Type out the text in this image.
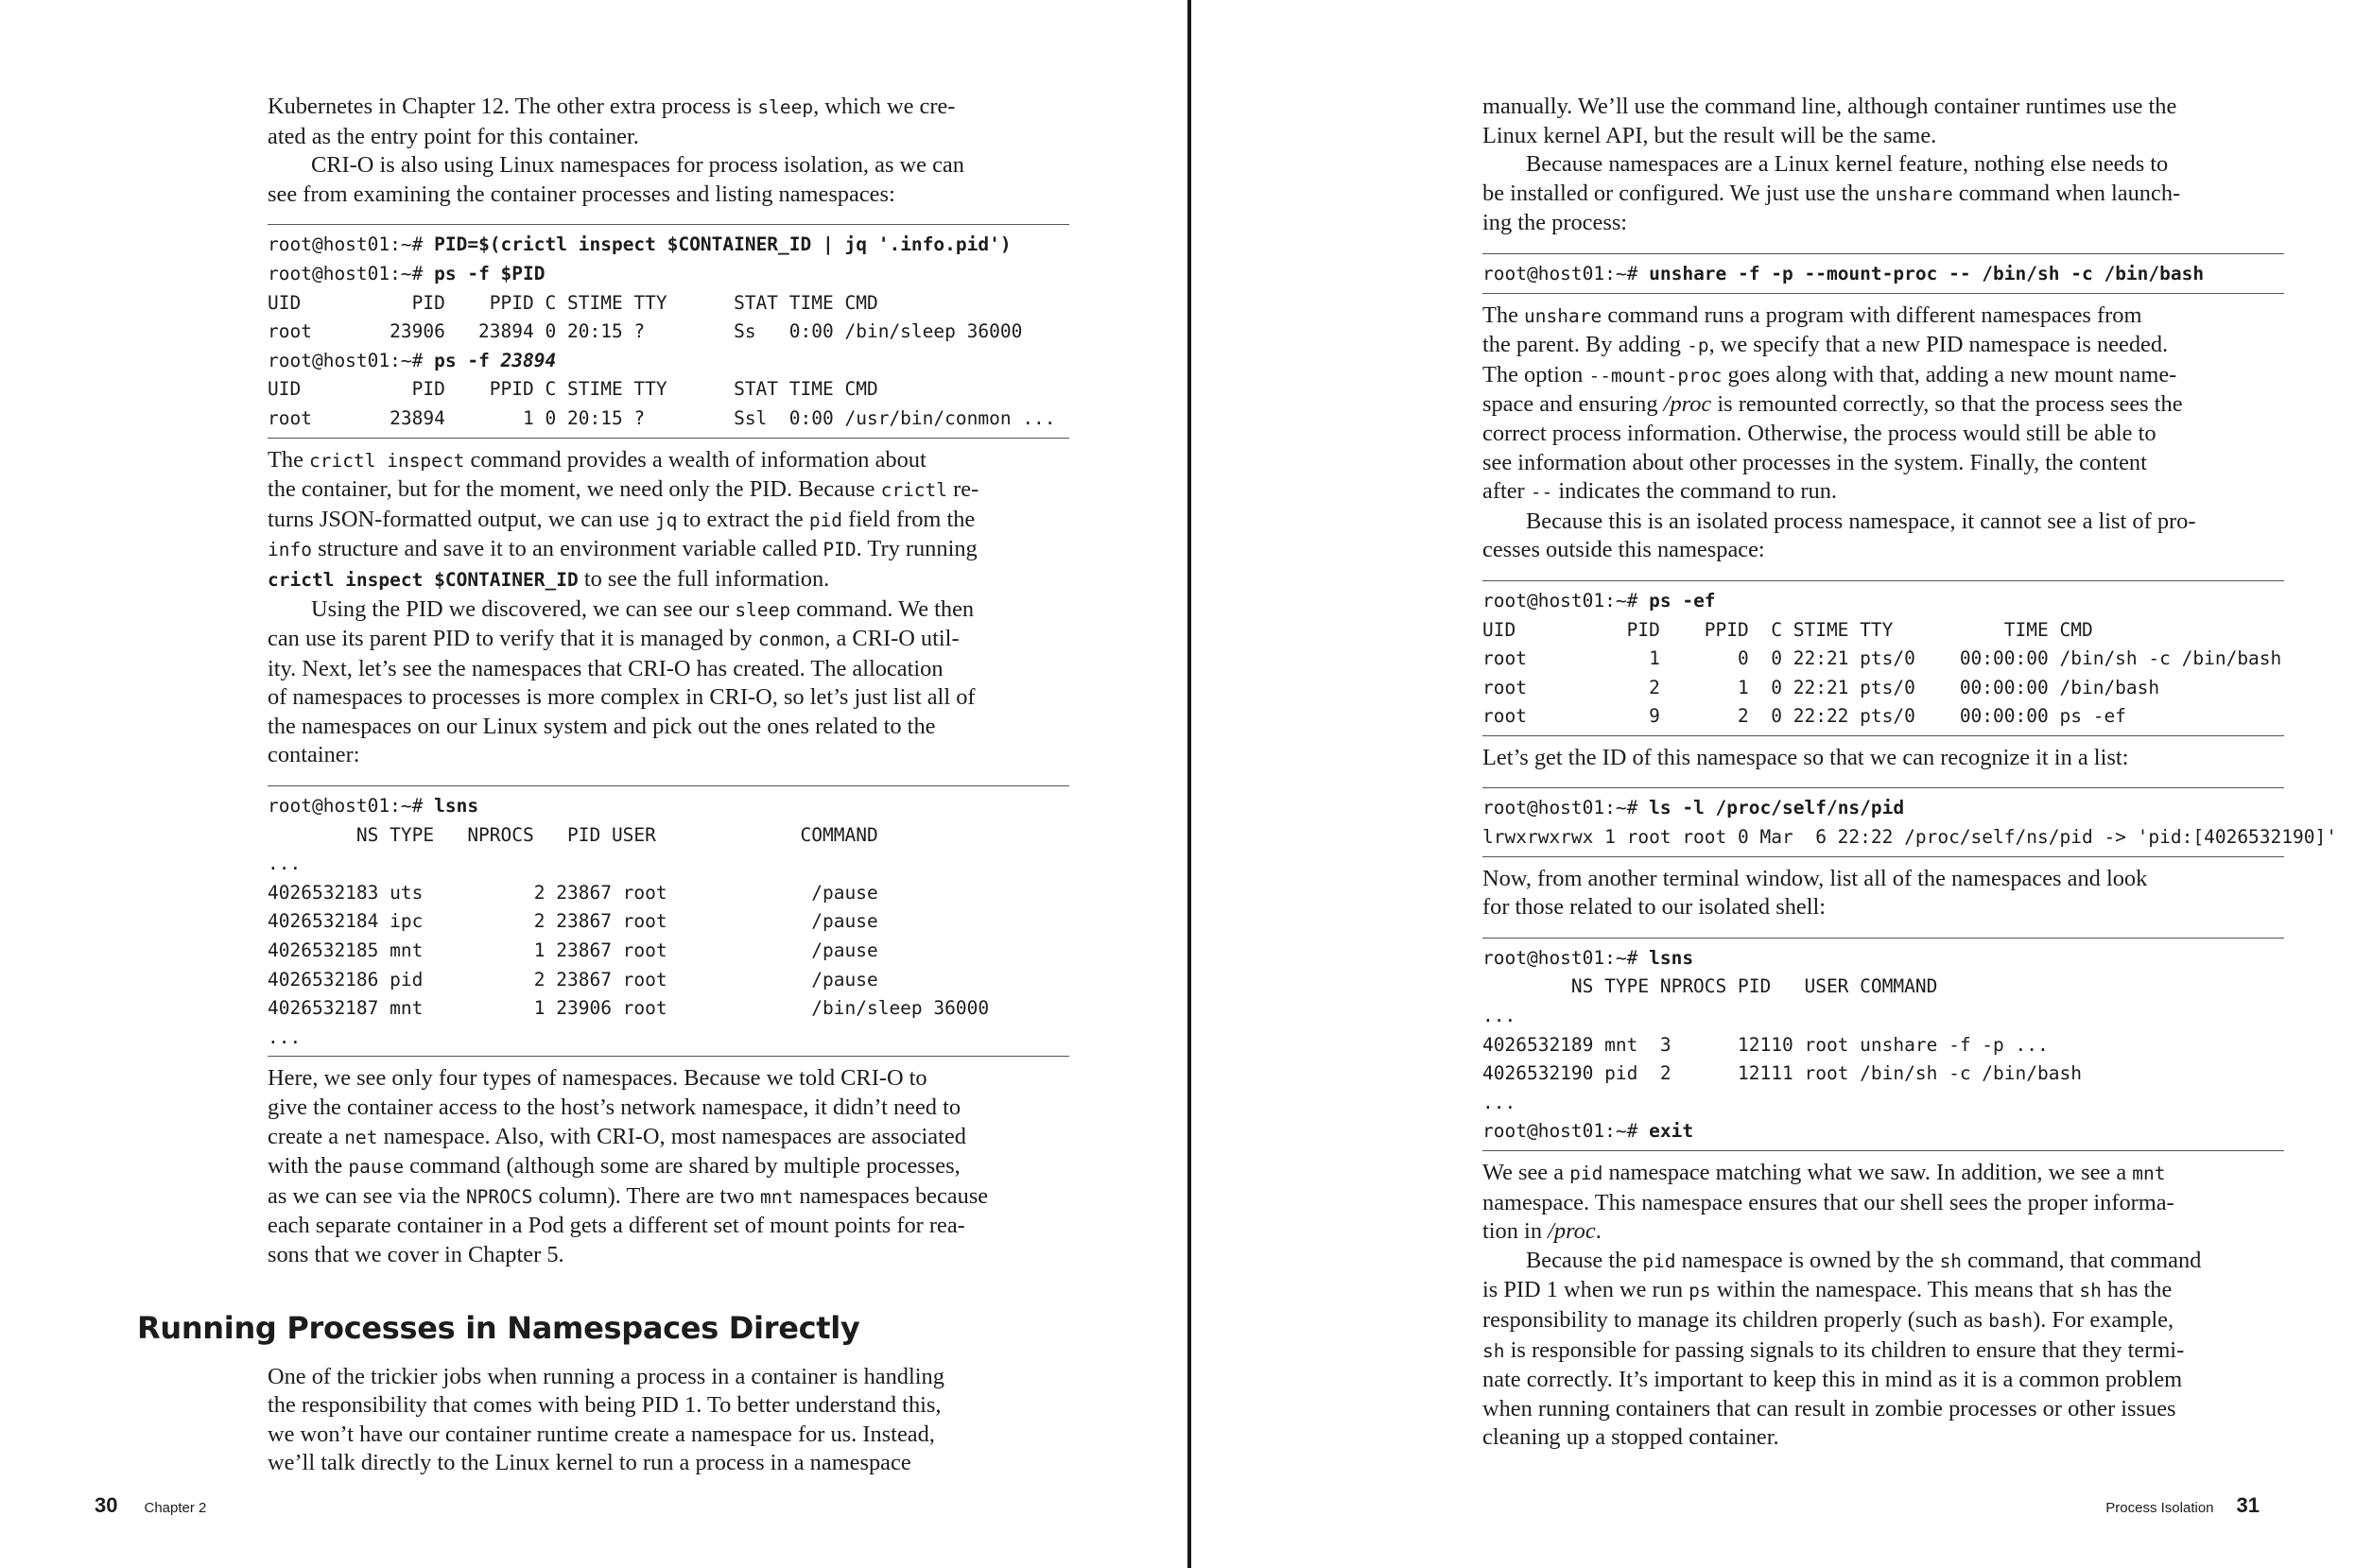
Kubernetes in Chapter 12. The other extra process is sleep, which we cre-
ated as the entry point for this container.

CRI-O is also using Linux namespaces for process isolation, as we can
see from examining the container processes and listing namespaces:

root@host01:~# PID=$(crictl inspect $CONTAINER_ID | jq '.info.pid')
root@host01:~# ps -f $PID
UID          PID    PPID C STIME TTY      STAT TIME CMD
root       23906   23894 0 20:15 ?        Ss   0:00 /bin/sleep 36000
root@host01:~# ps -f 23894
UID          PID    PPID C STIME TTY      STAT TIME CMD
root       23894       1 0 20:15 ?        Ssl  0:00 /usr/bin/conmon ...

The crictl inspect command provides a wealth of information about
the container, but for the moment, we need only the PID. Because crictl re-
turns JSON-formatted output, we can use jq to extract the pid field from the
info structure and save it to an environment variable called PID. Try running
crictl inspect $CONTAINER_ID to see the full information.

Using the PID we discovered, we can see our sleep command. We then
can use its parent PID to verify that it is managed by conmon, a CRI-O util-
ity. Next, let’s see the namespaces that CRI-O has created. The allocation
of namespaces to processes is more complex in CRI-O, so let’s just list all of
the namespaces on our Linux system and pick out the ones related to the
container:

root@host01:~# lsns
NS TYPE   NPROCS   PID USER             COMMAND
...
4026532183 uts          2 23867 root             /pause
4026532184 ipc          2 23867 root             /pause
4026532185 mnt          1 23867 root             /pause
4026532186 pid          2 23867 root             /pause
4026532187 mnt          1 23906 root             /bin/sleep 36000
...

Here, we see only four types of namespaces. Because we told CRI-O to
give the container access to the host’s network namespace, it didn’t need to
create a net namespace. Also, with CRI-O, most namespaces are associated
with the pause command (although some are shared by multiple processes,
as we can see via the NPROCS column). There are two mnt namespaces because
each separate container in a Pod gets a different set of mount points for rea-
sons that we cover in Chapter 5.

Running Processes in Namespaces Directly

One of the trickier jobs when running a process in a container is handling
the responsibility that comes with being PID 1. To better understand this,
we won’t have our container runtime create a namespace for us. Instead,
we’ll talk directly to the Linux kernel to run a process in a namespace

30 Chapter 2

manually. We’ll use the command line, although container runtimes use the
Linux kernel API, but the result will be the same.

Because namespaces are a Linux kernel feature, nothing else needs to
be installed or configured. We just use the unshare command when launch-
ing the process:

root@host01:~# unshare -f -p --mount-proc -- /bin/sh -c /bin/bash

The unshare command runs a program with different namespaces from
the parent. By adding -p, we specify that a new PID namespace is needed.
The option --mount-proc goes along with that, adding a new mount name-
space and ensuring /proc is remounted correctly, so that the process sees the
correct process information. Otherwise, the process would still be able to
see information about other processes in the system. Finally, the content
after -- indicates the command to run.

Because this is an isolated process namespace, it cannot see a list of pro-
cesses outside this namespace:

root@host01:~# ps -ef
UID          PID    PPID  C STIME TTY          TIME CMD
root           1       0  0 22:21 pts/0    00:00:00 /bin/sh -c /bin/bash
root           2       1  0 22:21 pts/0    00:00:00 /bin/bash
root           9       2  0 22:22 pts/0    00:00:00 ps -ef

Let’s get the ID of this namespace so that we can recognize it in a list:

root@host01:~# ls -l /proc/self/ns/pid
lrwxrwxrwx 1 root root 0 Mar  6 22:22 /proc/self/ns/pid -> 'pid:[4026532190]'

Now, from another terminal window, list all of the namespaces and look
for those related to our isolated shell:

root@host01:~# lsns
NS TYPE NPROCS PID   USER COMMAND
...
4026532189 mnt  3      12110 root unshare -f -p ...
4026532190 pid  2      12111 root /bin/sh -c /bin/bash
...
root@host01:~# exit

We see a pid namespace matching what we saw. In addition, we see a mnt
namespace. This namespace ensures that our shell sees the proper informa-
tion in /proc.

Because the pid namespace is owned by the sh command, that command
is PID 1 when we run ps within the namespace. This means that sh has the
responsibility to manage its children properly (such as bash). For example,
sh is responsible for passing signals to its children to ensure that they termi-
nate correctly. It’s important to keep this in mind as it is a common problem
when running containers that can result in zombie processes or other issues
cleaning up a stopped container.

Process Isolation 31
